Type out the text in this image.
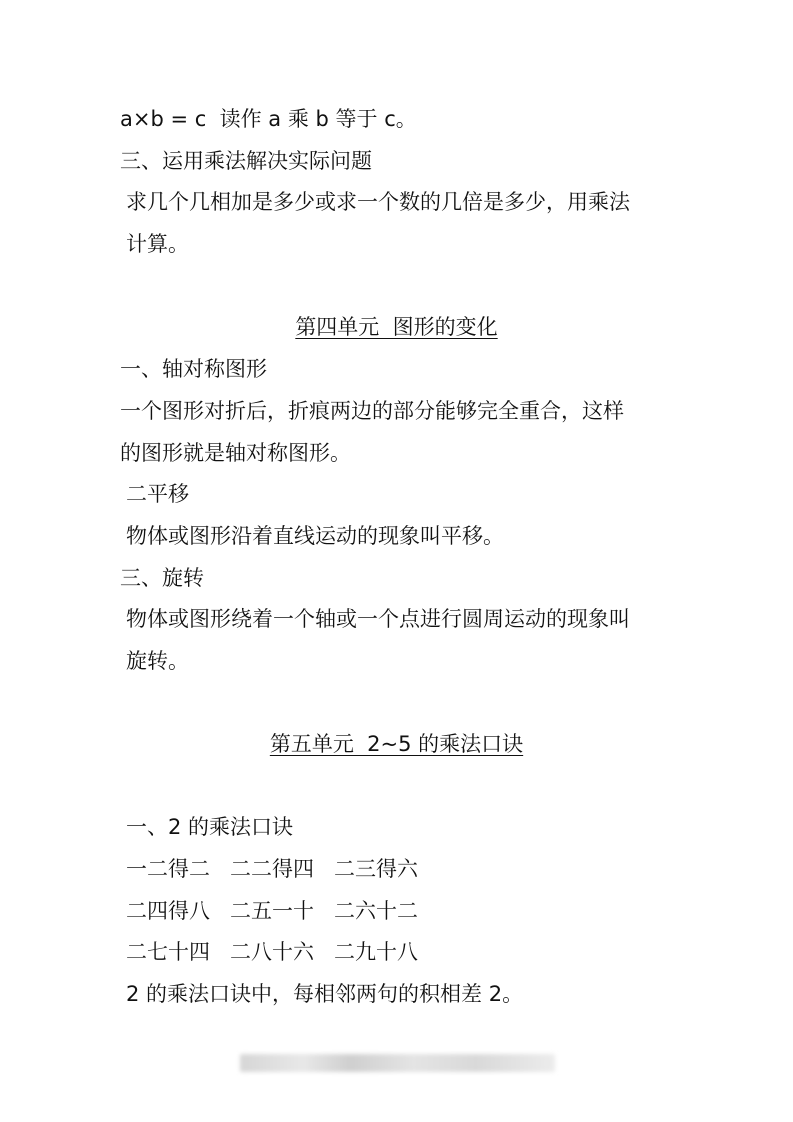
a×b = c  读作 a 乘 b 等于 c。
三、运用乘法解决实际问题
求几个几相加是多少或求一个数的几倍是多少，用乘法
计算。
第四单元  图形的变化
一、轴对称图形
一个图形对折后，折痕两边的部分能够完全重合，这样
的图形就是轴对称图形。
二平移
物体或图形沿着直线运动的现象叫平移。
三、旋转
物体或图形绕着一个轴或一个点进行圆周运动的现象叫
旋转。
第五单元  2~5 的乘法口诀
一、2 的乘法口诀
一二得二   二二得四   二三得六
二四得八   二五一十   二六十二
二七十四   二八十六   二九十八
2 的乘法口诀中，每相邻两句的积相差 2。
